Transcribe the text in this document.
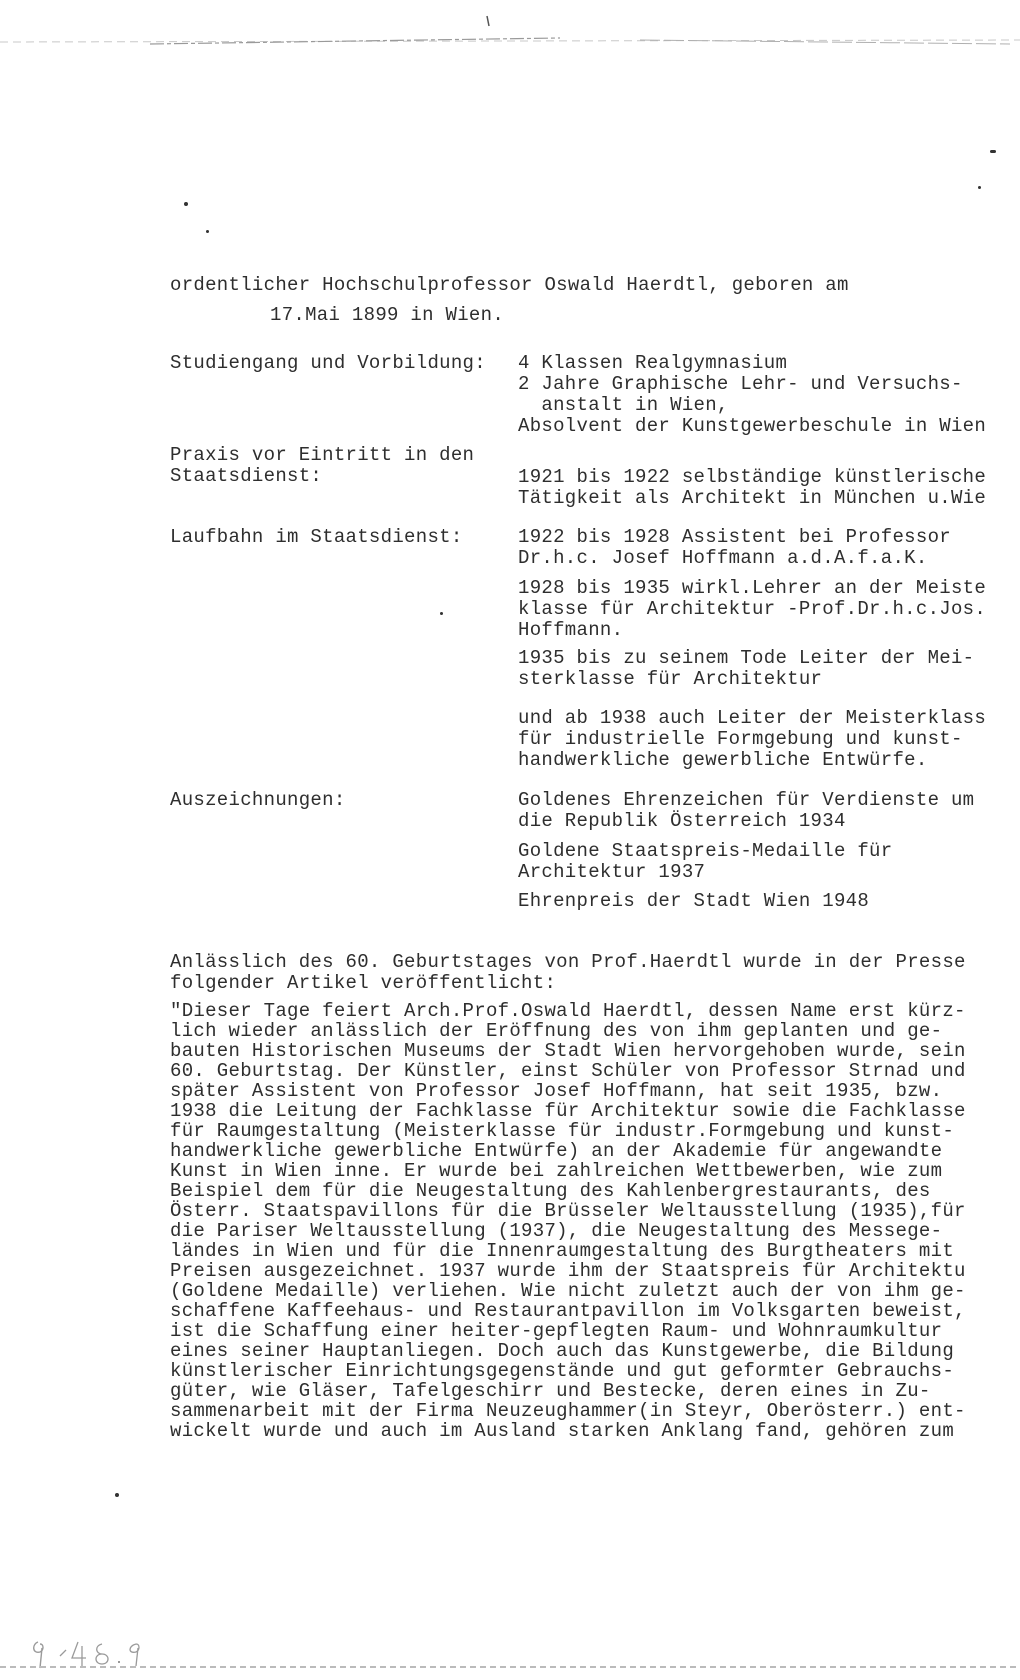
ordentlicher Hochschulprofessor Oswald Haerdtl, geboren am
17.Mai 1899 in Wien.
Studiengang und Vorbildung: 4 Klassen Realgymnasium
2 Jahre Graphische Lehr- und Versuchs-
anstalt in Wien,
Absolvent der Kunstgewerbeschule in Wien
Praxis vor Eintritt in den
Staatsdienst:	1921 bis 1922 selbständige künstlerische
Tätigkeit als Architekt in München u.Wie
Laufbahn im Staatsdienst:	1922 bis 1928 Assistent bei Professor
Dr.h.c. Josef Hoffmann a.d.A.f.a.K.
1928 bis 1935 wirkl.Lehrer an der Meiste
klasse für Architektur -Prof.Dr.h.c.Jos.
Hoffmann.
1935 bis zu seinem Tode Leiter der Mei-
sterklasse für Architektur
und ab 1938 auch Leiter der Meisterklass
für industrielle Formgebung und kunst-
handwerkliche gewerbliche Entwürfe.
Auszeichnungen:	Goldenes Ehrenzeichen für Verdienste um
die Republik Österreich 1934
Goldene Staatspreis-Medaille für
Architektur 1937
Ehrenpreis der Stadt Wien 1948
Anlässlich des 60. Geburtstages von Prof.Haerdtl wurde in der Presse
folgender Artikel veröffentlicht:
"Dieser Tage feiert Arch.Prof.Oswald Haerdtl, dessen Name erst kürz-
lich wieder anlässlich der Eröffnung des von ihm geplanten und ge-
bauten Historischen Museums der Stadt Wien hervorgehoben wurde, sein
60. Geburtstag. Der Künstler, einst Schüler von Professor Strnad und
später Assistent von Professor Josef Hoffmann, hat seit 1935, bzw.
1938 die Leitung der Fachklasse für Architektur sowie die Fachklasse
für Raumgestaltung (Meisterklasse für industr.Formgebung und kunst-
handwerkliche gewerbliche Entwürfe) an der Akademie für angewandte
Kunst in Wien inne. Er wurde bei zahlreichen Wettbewerben, wie zum
Beispiel dem für die Neugestaltung des Kahlenbergrestaurants, des
Österr. Staatspavillons für die Brüsseler Weltausstellung (1935),für
die Pariser Weltausstellung (1937), die Neugestaltung des Messege-
ländes in Wien und für die Innenraumgestaltung des Burgtheaters mit
Preisen ausgezeichnet. 1937 wurde ihm der Staatspreis für Architektu
(Goldene Medaille) verliehen. Wie nicht zuletzt auch der von ihm ge-
schaffene Kaffeehaus- und Restaurantpavillon im Volksgarten beweist,
ist die Schaffung einer heiter-gepflegten Raum- und Wohnraumkultur
eines seiner Hauptanliegen. Doch auch das Kunstgewerbe, die Bildung
künstlerischer Einrichtungsgegenstände und gut geformter Gebrauchs-
güter, wie Gläser, Tafelgeschirr und Bestecke, deren eines in Zu-
sammenarbeit mit der Firma Neuzeughammer(in Steyr, Oberösterr.) ent-
wickelt wurde und auch im Ausland starken Anklang fand, gehören zum
